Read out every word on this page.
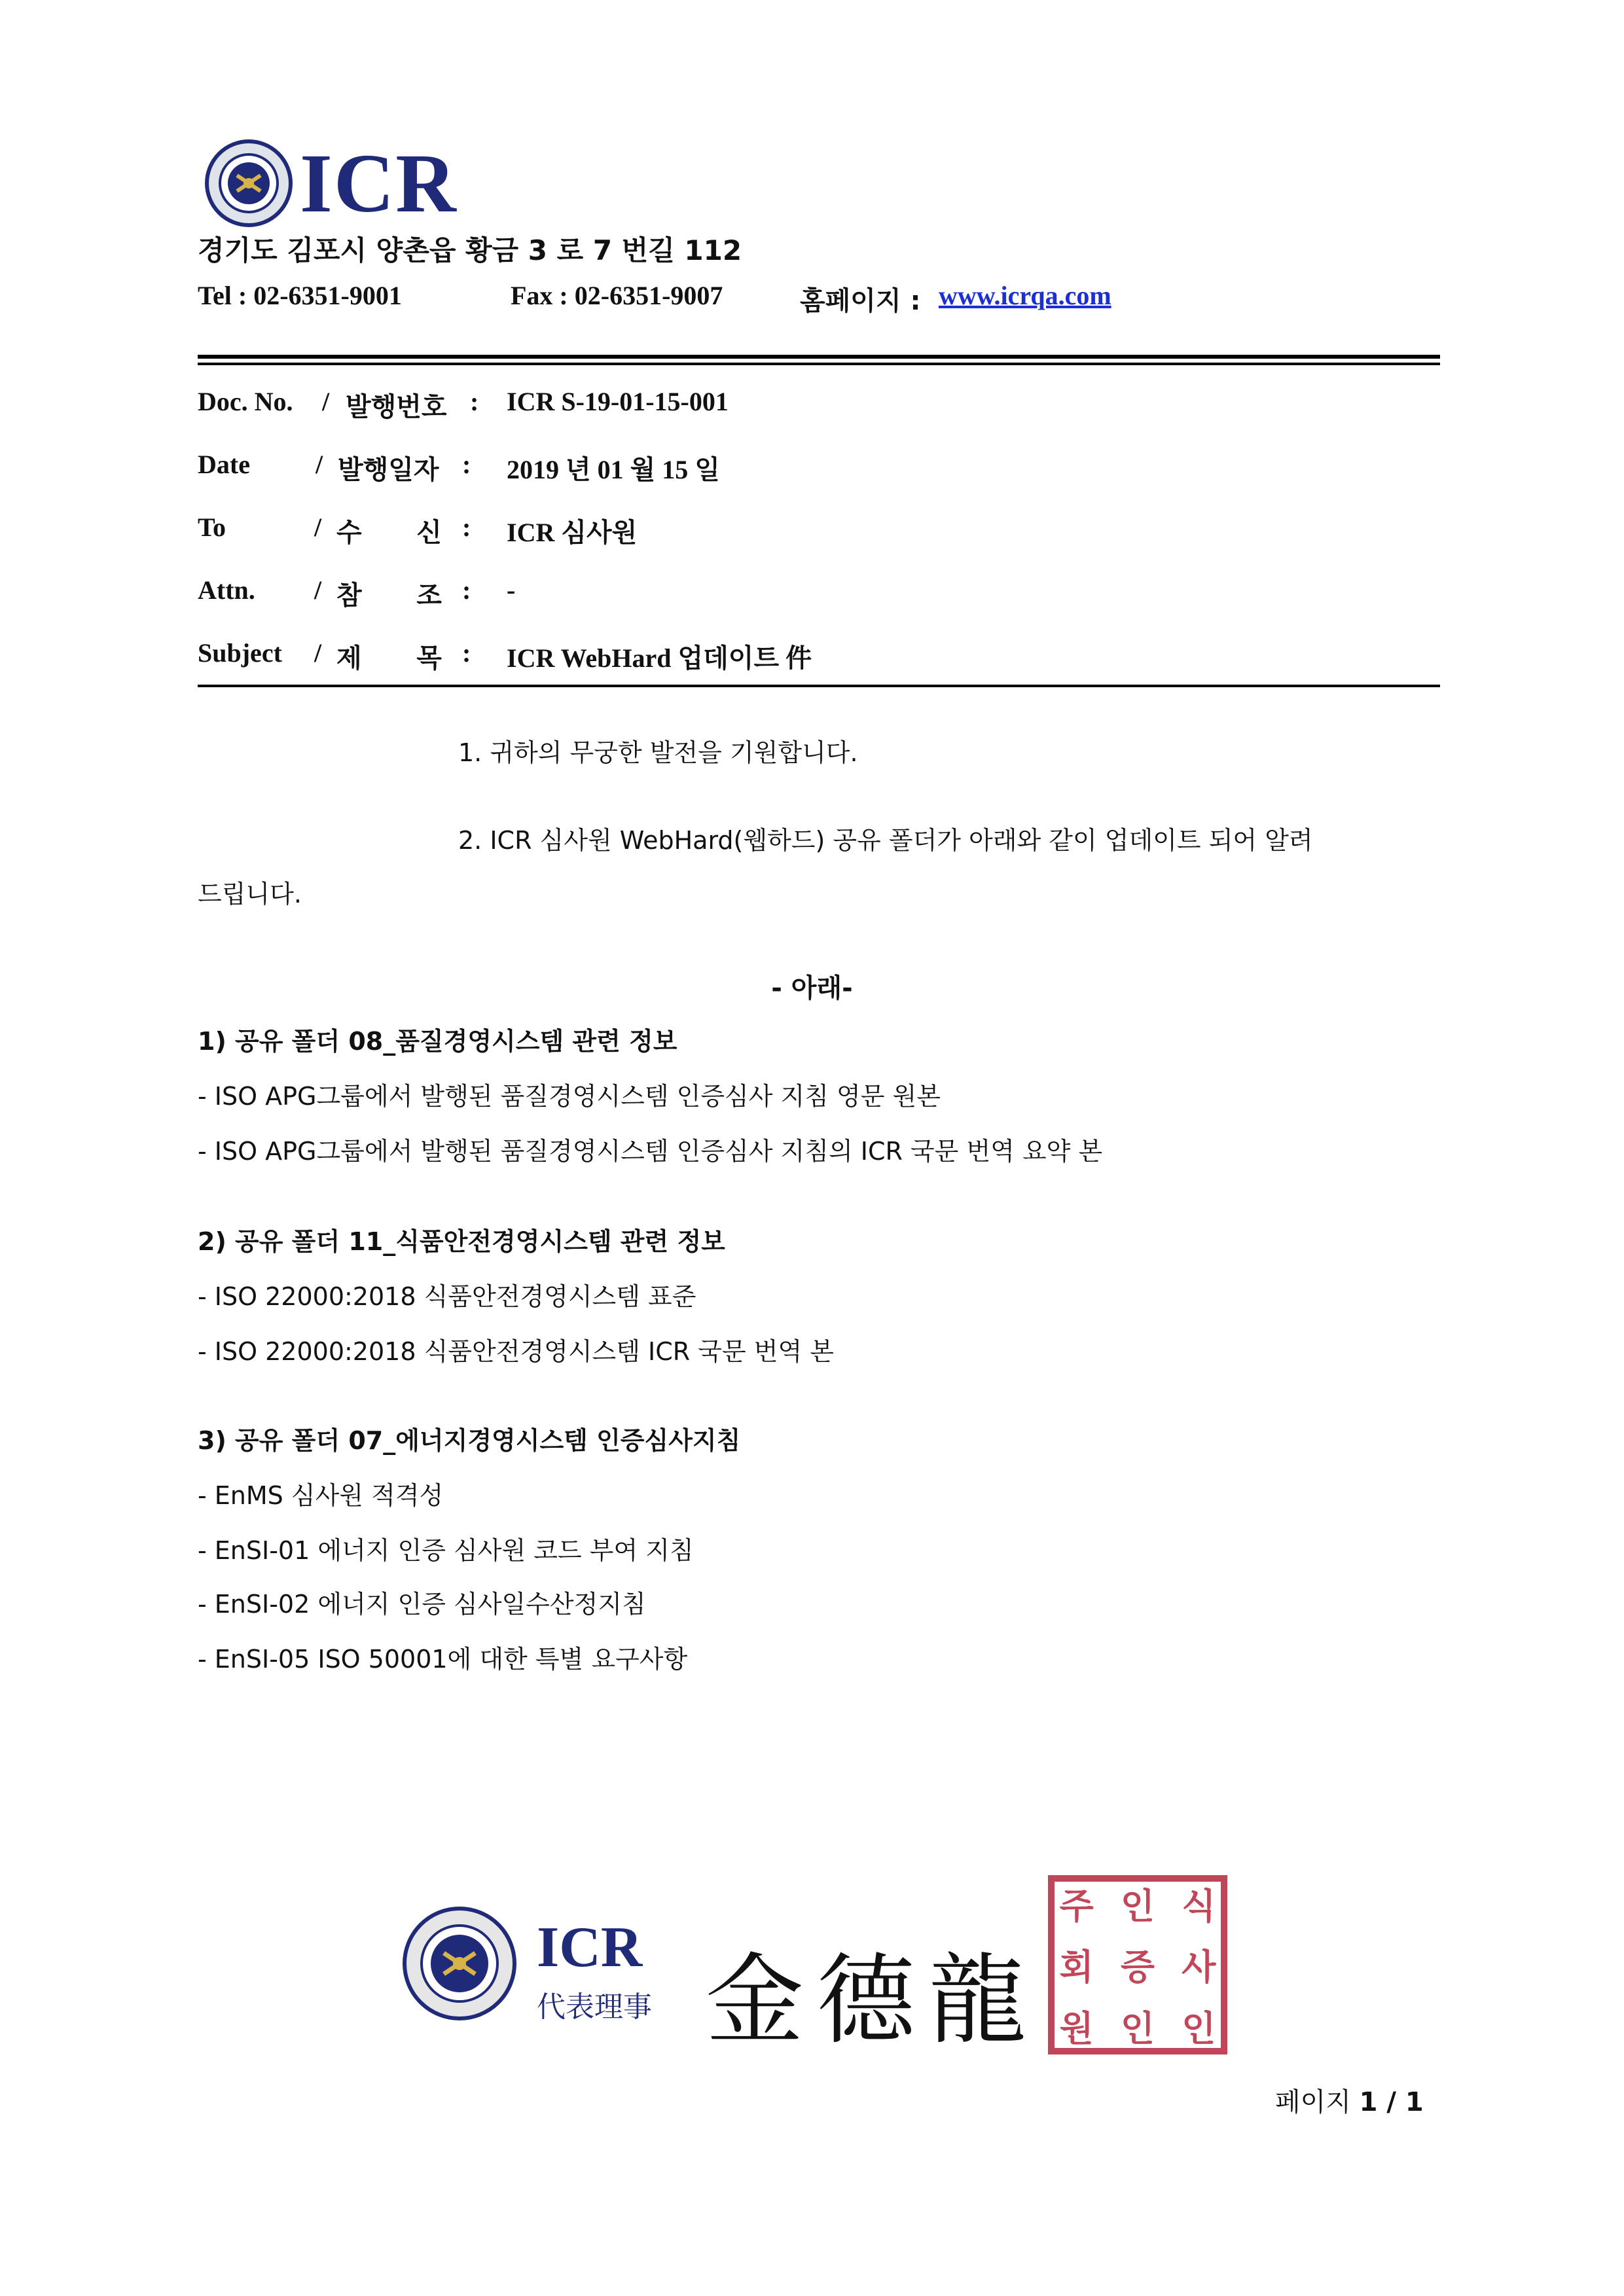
ICR
경기도 김포시 양촌읍 황금 3 로 7 번길 112
Tel : 02-6351-9001	Fax : 02-6351-9007	홈페이지 : www.icrqa.com
Doc. No. / 발행번호 : ICR S-19-01-15-001
Date	/ 발행일자 : 2019 년 01 월 15 일
To	/ 수      신 : ICR 심사원
Attn. / 참      조 : -
Subject / 제      목 : ICR WebHard 업데이트 件
1. 귀하의 무궁한 발전을 기원합니다.
2. ICR 심사원 WebHard(웹하드) 공유 폴더가 아래와 같이 업데이트 되어 알려
드립니다.
- 아래-
1) 공유 폴더 08_품질경영시스템 관련 정보
- ISO APG그룹에서 발행된 품질경영시스템 인증심사 지침 영문 원본
- ISO APG그룹에서 발행된 품질경영시스템 인증심사 지침의 ICR 국문 번역 요약 본
2) 공유 폴더 11_식품안전경영시스템 관련 정보
- ISO 22000:2018 식품안전경영시스템 표준
- ISO 22000:2018 식품안전경영시스템 ICR 국문 번역 본
3) 공유 폴더 07_에너지경영시스템 인증심사지침
- EnMS 심사원 적격성
- EnSI-01 에너지 인증 심사원 코드 부여 지침
- EnSI-02 에너지 인증 심사일수산정지침
- EnSI-05 ISO 50001에 대한 특별 요구사항
ICR
代表理事 金德龍
주 인 식
회 증 사
원 인 인
페이지 1 / 1
